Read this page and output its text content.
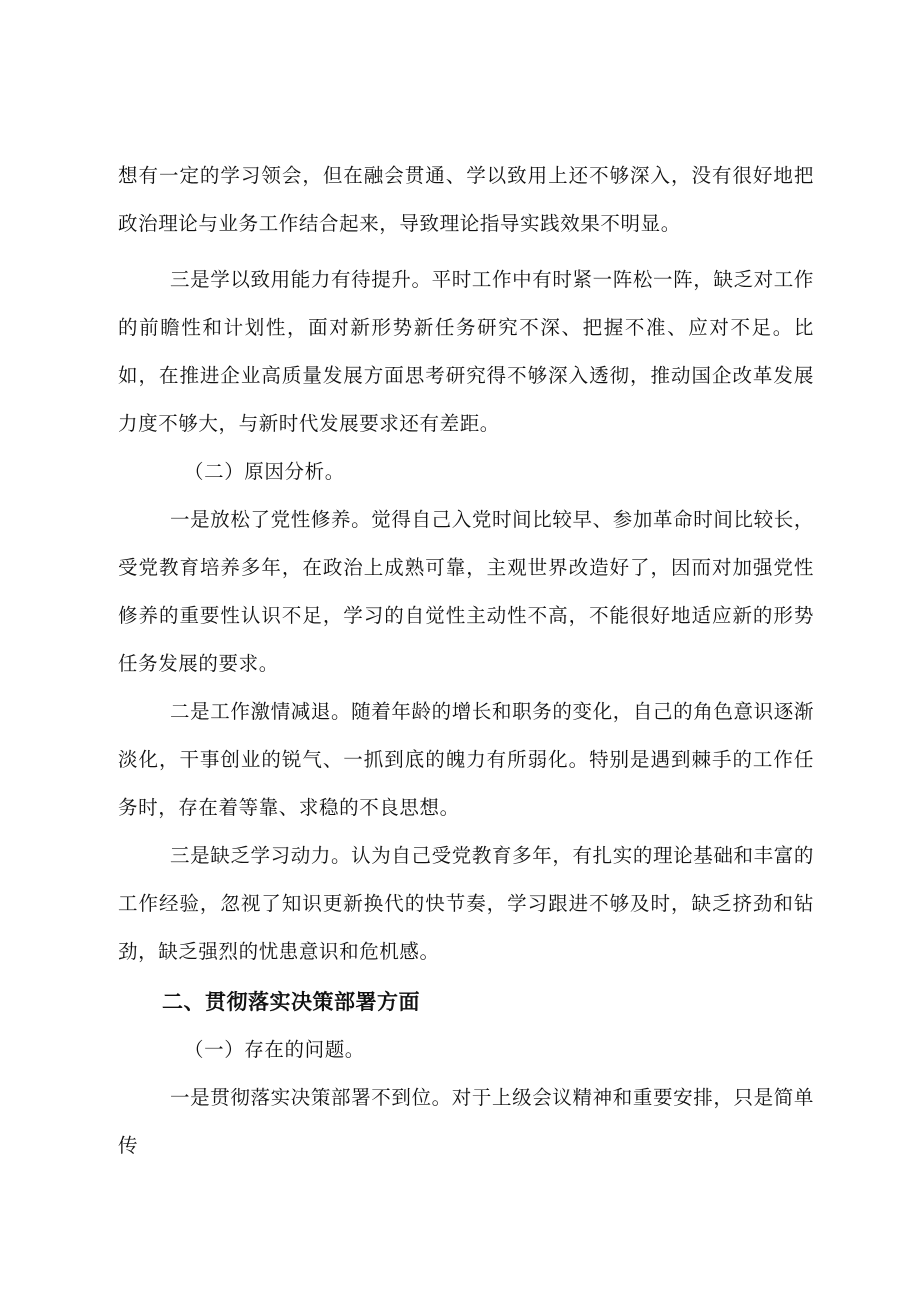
想有一定的学习领会，但在融会贯通、学以致用上还不够深入，没有很好地把政治理论与业务工作结合起来，导致理论指导实践效果不明显。

三是学以致用能力有待提升。平时工作中有时紧一阵松一阵，缺乏对工作的前瞻性和计划性，面对新形势新任务研究不深、把握不准、应对不足。比如，在推进企业高质量发展方面思考研究得不够深入透彻，推动国企改革发展力度不够大，与新时代发展要求还有差距。

（二）原因分析。

一是放松了党性修养。觉得自己入党时间比较早、参加革命时间比较长，受党教育培养多年，在政治上成熟可靠，主观世界改造好了，因而对加强党性修养的重要性认识不足，学习的自觉性主动性不高，不能很好地适应新的形势任务发展的要求。

二是工作激情减退。随着年龄的增长和职务的变化，自己的角色意识逐渐淡化，干事创业的锐气、一抓到底的魄力有所弱化。特别是遇到棘手的工作任务时，存在着等靠、求稳的不良思想。

三是缺乏学习动力。认为自己受党教育多年，有扎实的理论基础和丰富的工作经验，忽视了知识更新换代的快节奏，学习跟进不够及时，缺乏挤劲和钻劲，缺乏强烈的忧患意识和危机感。

二、贯彻落实决策部署方面

（一）存在的问题。

一是贯彻落实决策部署不到位。对于上级会议精神和重要安排，只是简单传
